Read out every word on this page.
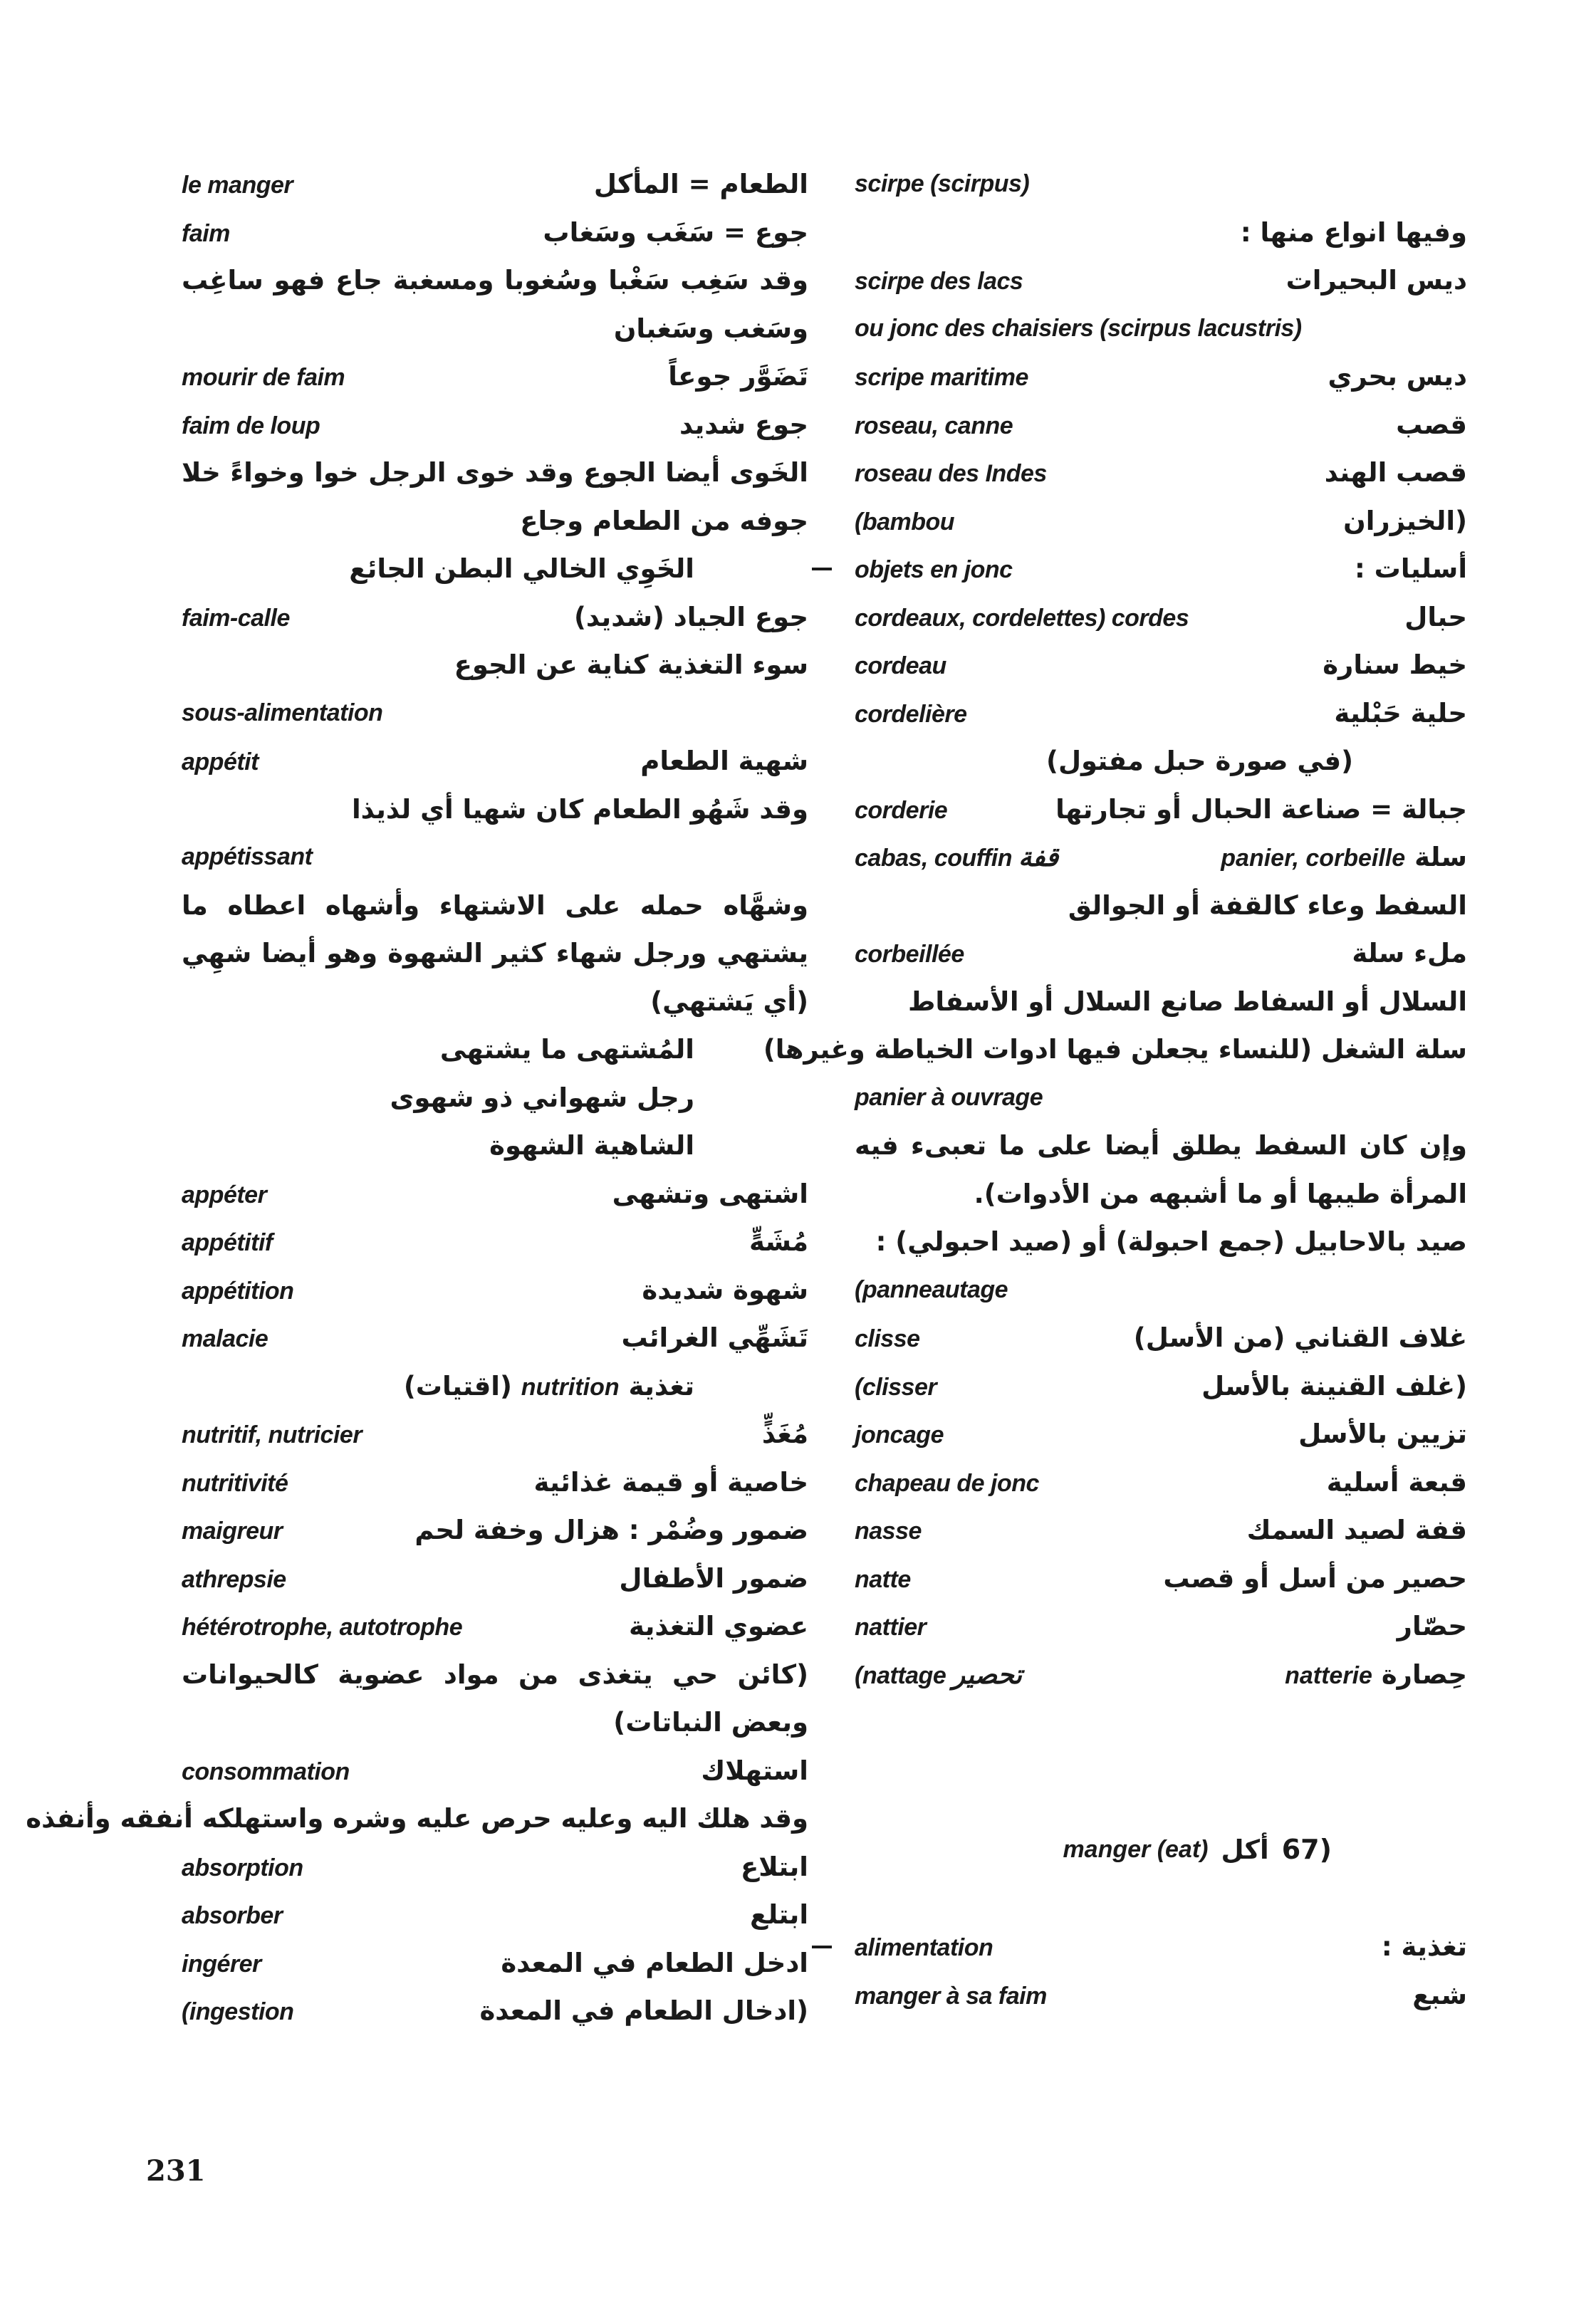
le manger	الطعام = المأكل
faim	جوع = سَغَب وسَغاب
وقد سَغِب سَغْبا وسُغوبا ومسغبة جاع فهو ساغِب وسَغب وسَغبان
mourir de faim	تَضَوَّر جوعاً
faim de loup	جوع شديد
الخَوى أيضا الجوع وقد خوى الرجل خوا وخواءً خلا جوفه من الطعام وجاع
الخَوِي الخالي البطن الجائع
faim-calle	جوع الجياد (شديد)
سوء التغذية كناية عن الجوع
sous-alimentation
appétit	شهية الطعام
وقد شَهُو الطعام كان شهيا أي لذيذا
appétissant
وشهَّاه حمله على الاشتهاء وأشهاه اعطاه ما يشتهي ورجل شهاء كثير الشهوة وهو أيضا شهِي (أي يَشتهي)
المُشتهى ما يشتهى
رجل شهواني ذو شهوى
الشاهية الشهوة
appéter	اشتهى وتشهى
appétitif	مُشَهٍّ
appétition	شهوة شديدة
malacie	تَشَهِّي الغرائب
تغذية nutrition (اقتيات)
nutritif, nutricier	مُغَذٍّ
nutritivité	خاصية أو قيمة غذائية
maigreur	ضمور وضُمْر : هزال وخفة لحم
athrepsie	ضمور الأطفال
hétérotrophe, autotrophe	عضوي التغذية
(كائن حي يتغذى من مواد عضوية كالحيوانات وبعض النباتات)
consommation	استهلاك
وقد هلك اليه وعليه حرص عليه وشره واستهلكه أنفقه وأنفذه
absorption	ابتلاع
absorber	ابتلع
ingérer	ادخل الطعام في المعدة
(ingestion	(ادخال الطعام في المعدة
scirpe (scirpus)
وفيها انواع منها :
scirpe des lacs	ديس البحيرات
ou jonc des chaisiers (scirpus lacustris)
scripe maritime	ديس بحري
roseau, canne	قصب
roseau des Indes	قصب الهند
(bambou	(الخيزران
objets en jonc	أسليات :
cordeaux, cordelettes) cordes	حبال
cordeau	خيط سنارة
cordelière	حلية حَبْلية
(في صورة حبل مفتول)
corderie	جبالة = صناعة الحبال أو تجارتها
cabas, couffin قفة	سلة panier, corbeille
السفط وعاء كالقفة أو الجوالق
corbeillée	ملء سلة
السلال أو السفاط صانع السلال أو الأسفاط
سلة الشغل (للنساء يجعلن فيها ادوات الخياطة وغيرها)
panier à ouvrage
وإن كان السفط يطلق أيضا على ما تعبىء فيه المرأة طيبها أو ما أشبهه من الأدوات).
صيد بالاحابيل (جمع احبولة) أو (صيد احبولي) :
(panneautage
clisse	غلاف القناني (من الأسل)
(clisser	(غلف القنينة بالأسل
joncage	تزيين بالأسل
chapeau de jonc	قبعة أسلية
nasse	قفة لصيد السمك
natte	حصير من أسل أو قصب
nattier	حصّار
(nattage تحصير	حِصارة natterie
manger (eat) أكل (67
alimentation	تغذية :
manger à sa faim	شبع
231
